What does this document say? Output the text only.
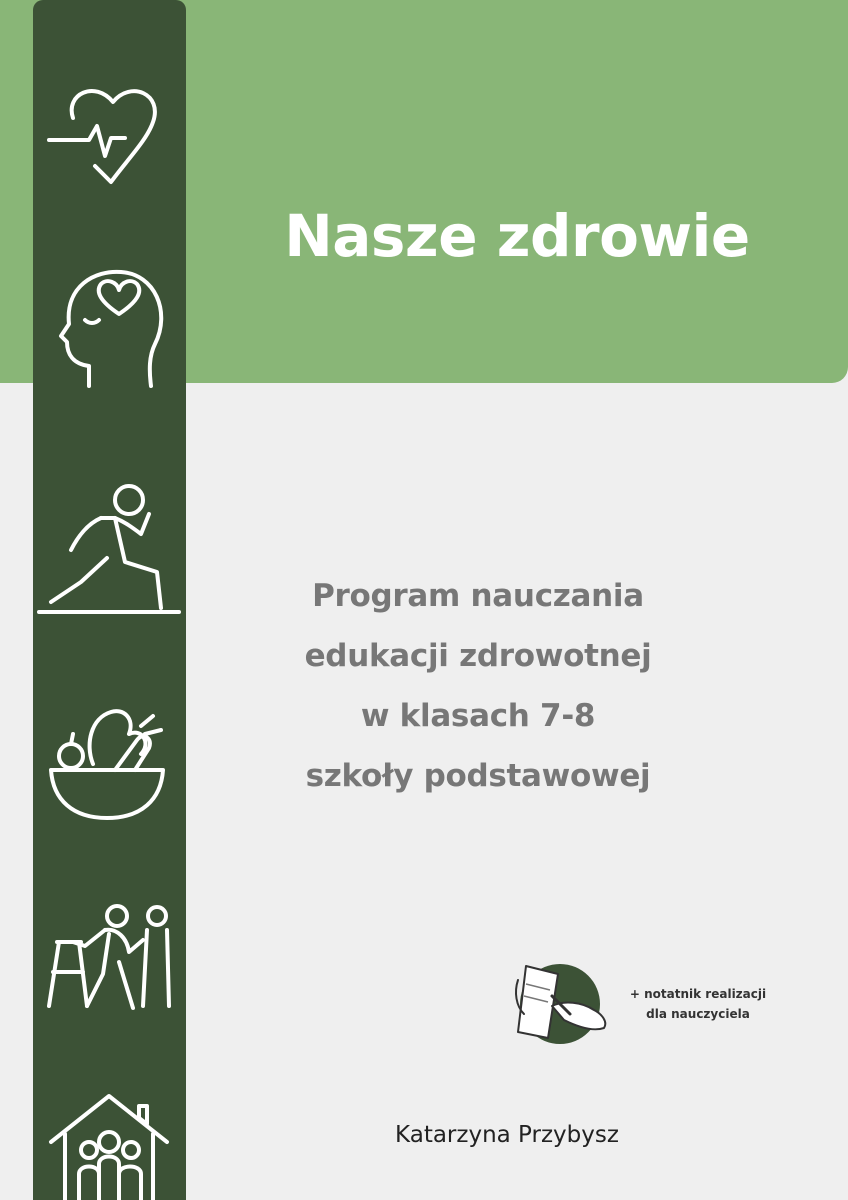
Nasze zdrowie
Program nauczania
edukacji zdrowotnej
w klasach 7-8
szkoły podstawowej
+ notatnik realizacji
dla nauczyciela
Katarzyna Przybysz
